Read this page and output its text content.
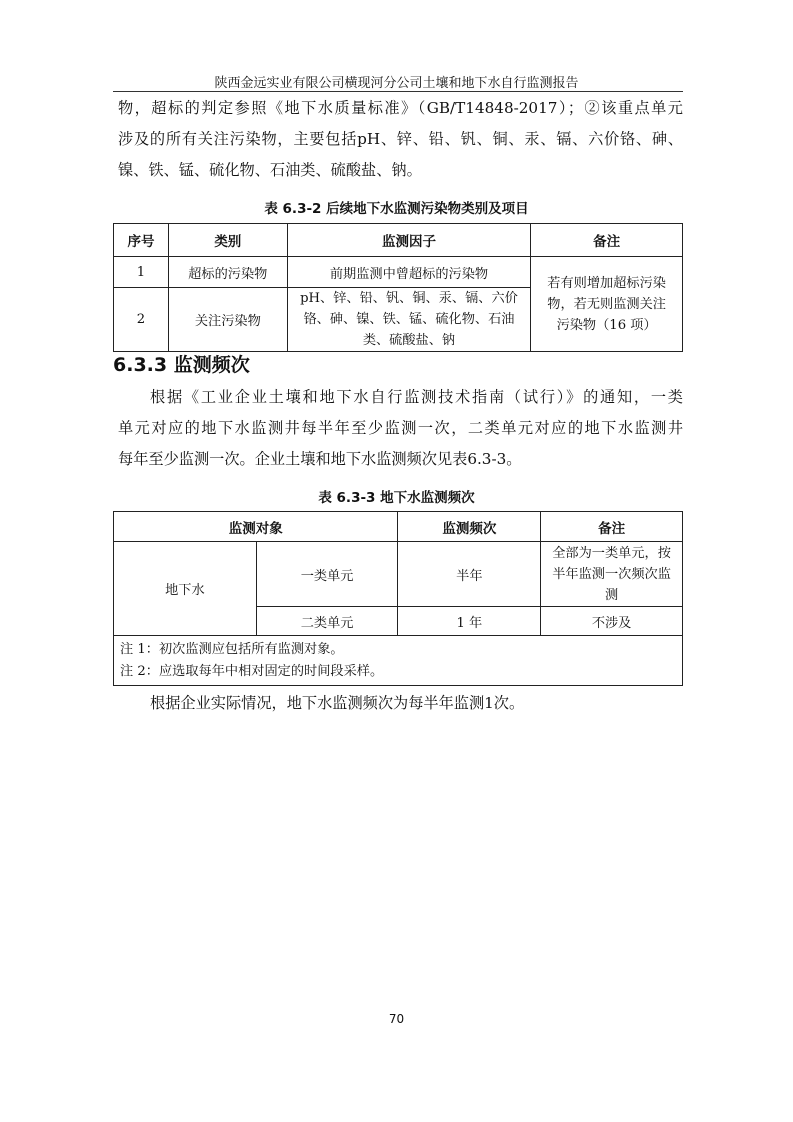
陕西金远实业有限公司横现河分公司土壤和地下水自行监测报告
物，超标的判定参照《地下水质量标准》（GB/T14848-2017）；②该重点单元
涉及的所有关注污染物，主要包括pH、锌、铅、钒、铜、汞、镉、六价铬、砷、
镍、铁、锰、硫化物、石油类、硫酸盐、钠。
表 6.3-2 后续地下水监测污染物类别及项目
序号	类别	监测因子	备注
1	超标的污染物	前期监测中曾超标的污染物	若有则增加超标污染
物，若无则监测关注
污染物（16 项）

2	关注污染物	pH、锌、铅、钒、铜、汞、镉、六价
铬、砷、镍、铁、锰、硫化物、石油
类、硫酸盐、钠	
6.3.3 监测频次
根据《工业企业土壤和地下水自行监测技术指南（试行）》的通知，一类
单元对应的地下水监测井每半年至少监测一次，二类单元对应的地下水监测井
每年至少监测一次。企业土壤和地下水监测频次见表6.3-3。
表 6.3-3 地下水监测频次
监测对象		监测频次	备注
地下水	一类单元	半年	全部为一类单元，按
半年监测一次频次监
测

	二类单元	1 年	不涉及

注 1：初次监测应包括所有监测对象。
注 2：应选取每年中相对固定的时间段采样。			
根据企业实际情况，地下水监测频次为每半年监测1次。
70
